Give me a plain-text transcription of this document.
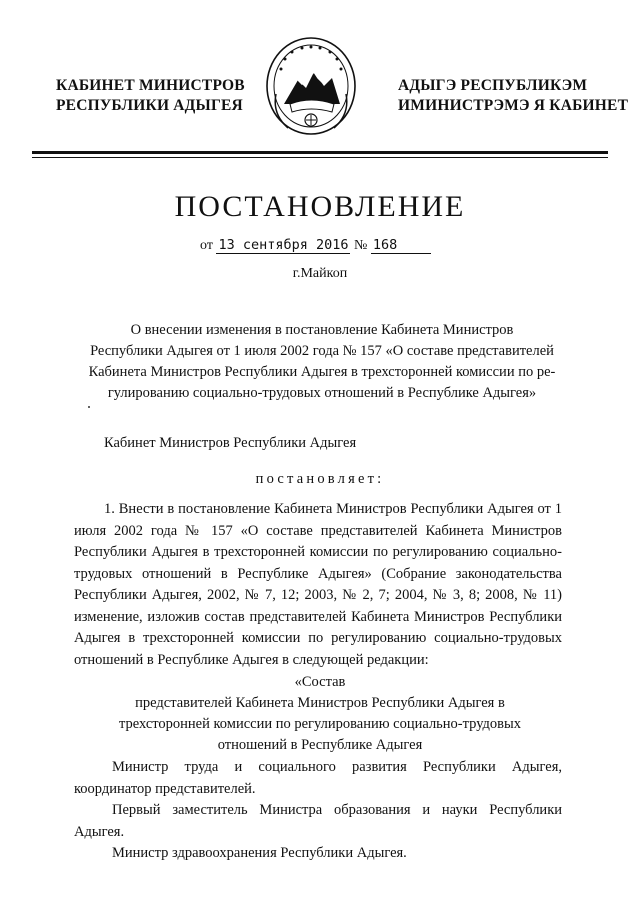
КАБИНЕТ МИНИСТРОВ
РЕСПУБЛИКИ АДЫГЕЯ
АДЫГЭ РЕСПУБЛИКЭМ
ИМИНИСТРЭМЭ Я КАБИНЕТ
ПОСТАНОВЛЕНИЕ
от 13 сентября 2016 № 168
г.Майкоп
О внесении изменения в постановление Кабинета Министров
Республики Адыгея от 1 июля 2002 года № 157 «О составе представителей
Кабинета Министров Республики Адыгея в трехсторонней комиссии по ре-
гулированию социально-трудовых отношений в Республике Адыгея»
Кабинет Министров Республики Адыгея
постановляет:
1. Внести в постановление Кабинета Министров Республики Адыгея от 1 июля 2002 года № 157 «О составе представителей Кабинета Министров Республики Адыгея в трехсторонней комиссии по регулированию социально-трудовых отношений в Республике Адыгея» (Собрание законодательства Республики Адыгея, 2002, № 7, 12; 2003, № 2, 7; 2004, № 3, 8; 2008, № 11) изменение, изложив состав представителей Кабинета Министров Республики Адыгея в трехсторонней комиссии по регулированию социально-трудовых отношений в Республике Адыгея в следующей редакции:
«Состав
представителей Кабинета Министров Республики Адыгея в
трехсторонней комиссии по регулированию социально-трудовых
отношений в Республике Адыгея

Министр труда и социального развития Республики Адыгея, координатор представителей.

Первый заместитель Министра образования и науки Республики Адыгея.

Министр здравоохранения Республики Адыгея.
